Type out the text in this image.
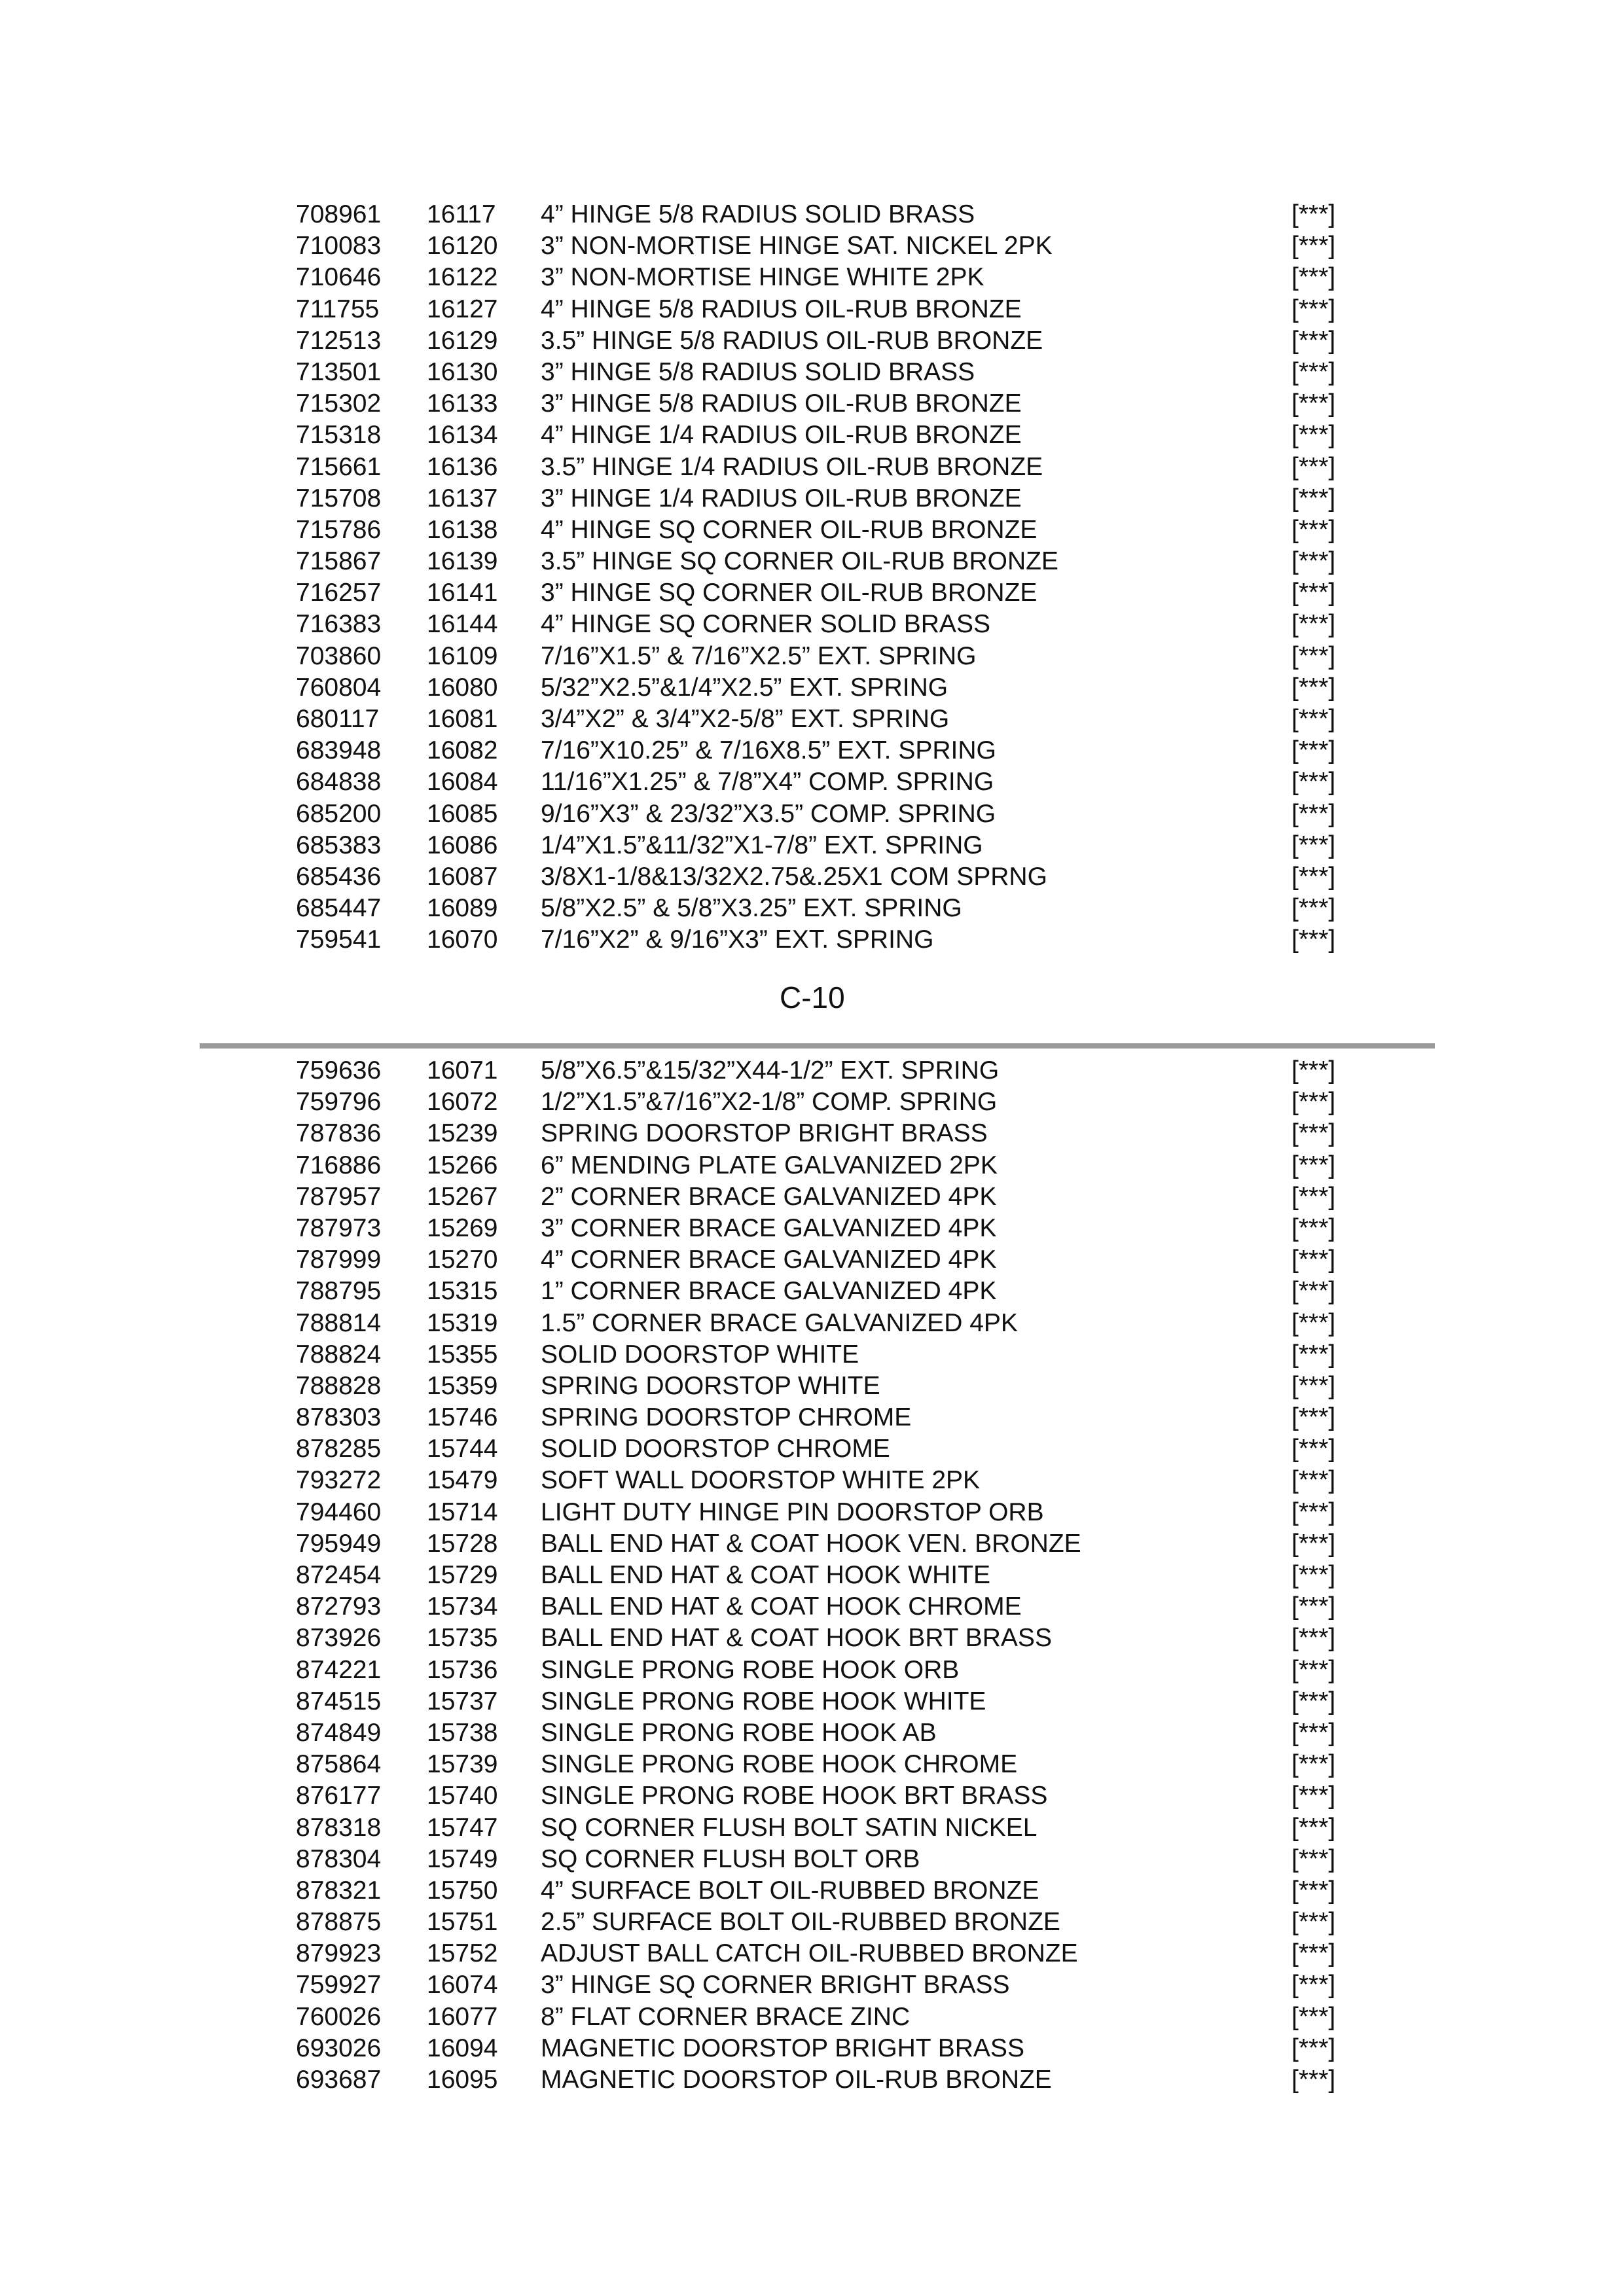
708961 16117 4” HINGE 5/8 RADIUS SOLID BRASS	[***]
710083 16120 3” NON-MORTISE HINGE SAT. NICKEL 2PK	[***]
710646 16122 3” NON-MORTISE HINGE WHITE 2PK	[***]
711755 16127 4” HINGE 5/8 RADIUS OIL-RUB BRONZE	[***]
712513 16129 3.5” HINGE 5/8 RADIUS OIL-RUB BRONZE	[***]
713501 16130 3” HINGE 5/8 RADIUS SOLID BRASS	[***]
715302 16133 3” HINGE 5/8 RADIUS OIL-RUB BRONZE	[***]
715318 16134 4” HINGE 1/4 RADIUS OIL-RUB BRONZE	[***]
715661 16136 3.5” HINGE 1/4 RADIUS OIL-RUB BRONZE	[***]
715708 16137 3” HINGE 1/4 RADIUS OIL-RUB BRONZE	[***]
715786 16138 4” HINGE SQ CORNER OIL-RUB BRONZE	[***]
715867 16139 3.5” HINGE SQ CORNER OIL-RUB BRONZE	[***]
716257 16141 3” HINGE SQ CORNER OIL-RUB BRONZE	[***]
716383 16144 4” HINGE SQ CORNER SOLID BRASS	[***]
703860 16109 7/16”X1.5” & 7/16”X2.5” EXT. SPRING	[***]
760804 16080 5/32”X2.5”&1/4”X2.5” EXT. SPRING	[***]
680117 16081 3/4”X2” & 3/4”X2-5/8” EXT. SPRING	[***]
683948 16082 7/16”X10.25” & 7/16X8.5” EXT. SPRING	[***]
684838 16084 11/16”X1.25” & 7/8”X4” COMP. SPRING	[***]
685200 16085 9/16”X3” & 23/32”X3.5” COMP. SPRING	[***]
685383 16086 1/4”X1.5”&11/32”X1-7/8” EXT. SPRING	[***]
685436 16087 3/8X1-1/8&13/32X2.75&.25X1 COM SPRNG	[***]
685447 16089 5/8”X2.5” & 5/8”X3.25” EXT. SPRING	[***]
759541 16070 7/16”X2” & 9/16”X3” EXT. SPRING	[***]
C-10
759636 16071 5/8”X6.5”&15/32”X44-1/2” EXT. SPRING	[***]
759796 16072 1/2”X1.5”&7/16”X2-1/8” COMP. SPRING	[***]
787836 15239 SPRING DOORSTOP BRIGHT BRASS	[***]
716886 15266 6” MENDING PLATE GALVANIZED 2PK	[***]
787957 15267 2” CORNER BRACE GALVANIZED 4PK	[***]
787973 15269 3” CORNER BRACE GALVANIZED 4PK	[***]
787999 15270 4” CORNER BRACE GALVANIZED 4PK	[***]
788795 15315 1” CORNER BRACE GALVANIZED 4PK	[***]
788814 15319 1.5” CORNER BRACE GALVANIZED 4PK	[***]
788824 15355 SOLID DOORSTOP WHITE	[***]
788828 15359 SPRING DOORSTOP WHITE	[***]
878303 15746 SPRING DOORSTOP CHROME	[***]
878285 15744 SOLID DOORSTOP CHROME	[***]
793272 15479 SOFT WALL DOORSTOP WHITE 2PK	[***]
794460 15714 LIGHT DUTY HINGE PIN DOORSTOP ORB	[***]
795949 15728 BALL END HAT & COAT HOOK VEN. BRONZE	[***]
872454 15729 BALL END HAT & COAT HOOK WHITE	[***]
872793 15734 BALL END HAT & COAT HOOK CHROME	[***]
873926 15735 BALL END HAT & COAT HOOK BRT BRASS	[***]
874221 15736 SINGLE PRONG ROBE HOOK ORB	[***]
874515 15737 SINGLE PRONG ROBE HOOK WHITE	[***]
874849 15738 SINGLE PRONG ROBE HOOK AB	[***]
875864 15739 SINGLE PRONG ROBE HOOK CHROME	[***]
876177 15740 SINGLE PRONG ROBE HOOK BRT BRASS	[***]
878318 15747 SQ CORNER FLUSH BOLT SATIN NICKEL	[***]
878304 15749 SQ CORNER FLUSH BOLT ORB	[***]
878321 15750 4” SURFACE BOLT OIL-RUBBED BRONZE	[***]
878875 15751 2.5” SURFACE BOLT OIL-RUBBED BRONZE	[***]
879923 15752 ADJUST BALL CATCH OIL-RUBBED BRONZE	[***]
759927 16074 3” HINGE SQ CORNER BRIGHT BRASS	[***]
760026 16077 8” FLAT CORNER BRACE ZINC	[***]
693026 16094 MAGNETIC DOORSTOP BRIGHT BRASS	[***]
693687 16095 MAGNETIC DOORSTOP OIL-RUB BRONZE	[***]
